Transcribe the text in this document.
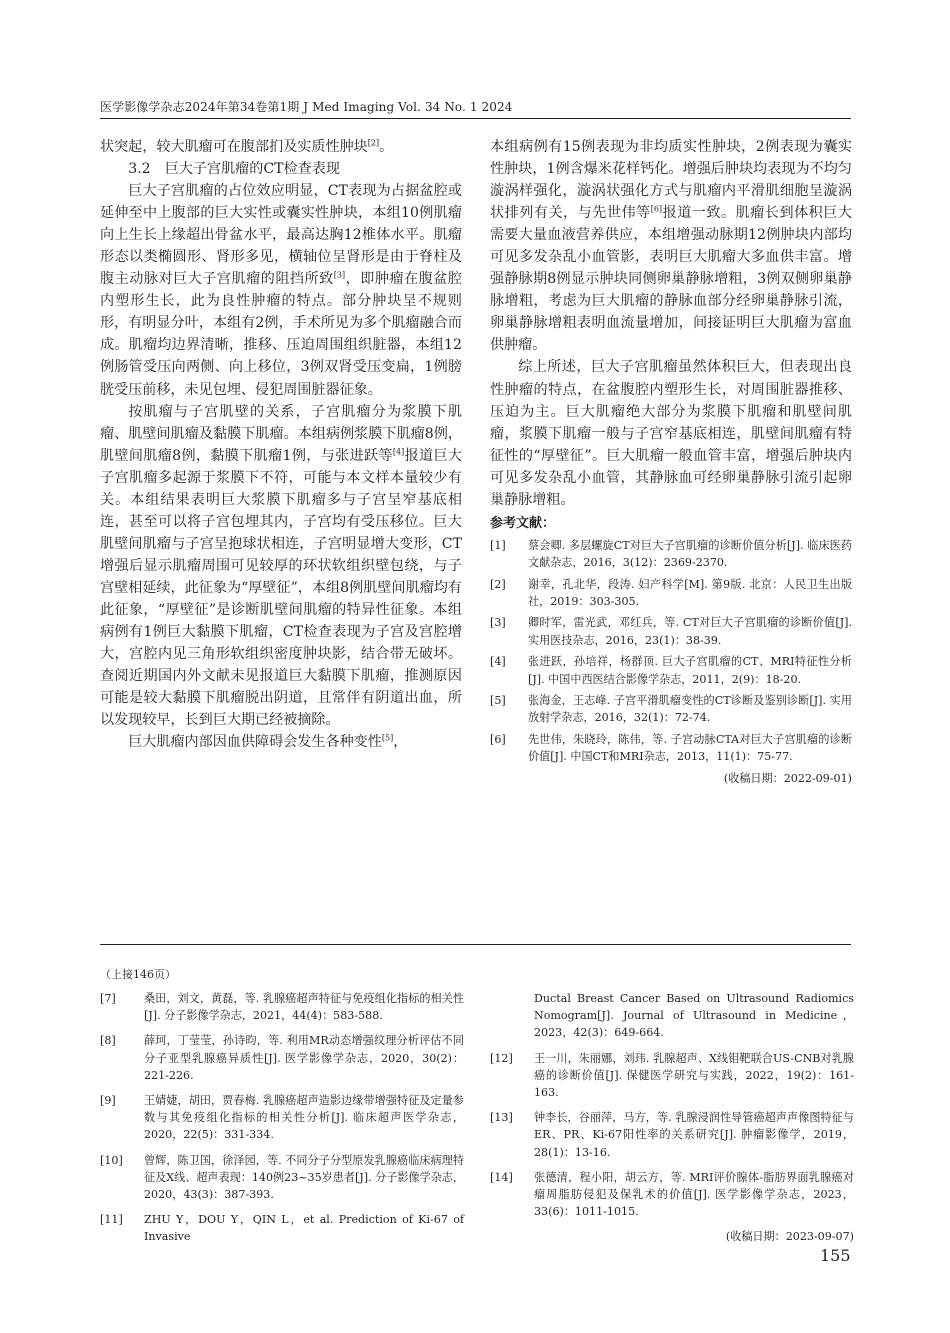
医学影像学杂志2024年第34卷第1期 J Med Imaging Vol. 34 No. 1 2024

状突起，较大肌瘤可在腹部扪及实质性肿块[2]。

3.2　巨大子宫肌瘤的CT检查表现

巨大子宫肌瘤的占位效应明显，CT表现为占据盆腔或延伸至中上腹部的巨大实性或囊实性肿块，本组10例肌瘤向上生长上缘超出骨盆水平，最高达胸12椎体水平。肌瘤形态以类椭圆形、肾形多见，横轴位呈肾形是由于脊柱及腹主动脉对巨大子宫肌瘤的阻挡所致[3]，即肿瘤在腹盆腔内塑形生长，此为良性肿瘤的特点。部分肿块呈不规则形，有明显分叶，本组有2例，手术所见为多个肌瘤融合而成。肌瘤均边界清晰，推移、压迫周围组织脏器，本组12例肠管受压向两侧、向上移位，3例双肾受压变扁，1例膀胱受压前移，未见包埋、侵犯周围脏器征象。

按肌瘤与子宫肌壁的关系，子宫肌瘤分为浆膜下肌瘤、肌壁间肌瘤及黏膜下肌瘤。本组病例浆膜下肌瘤8例，肌壁间肌瘤8例，黏膜下肌瘤1例，与张进跃等[4]报道巨大子宫肌瘤多起源于浆膜下不符，可能与本文样本量较少有关。本组结果表明巨大浆膜下肌瘤多与子宫呈窄基底相连，甚至可以将子宫包埋其内，子宫均有受压移位。巨大肌壁间肌瘤与子宫呈抱球状相连，子宫明显增大变形，CT增强后显示肌瘤周围可见较厚的环状软组织壁包绕，与子宫壁相延续，此征象为“厚壁征”，本组8例肌壁间肌瘤均有此征象，“厚壁征”是诊断肌壁间肌瘤的特异性征象。本组病例有1例巨大黏膜下肌瘤，CT检查表现为子宫及宫腔增大，宫腔内见三角形软组织密度肿块影，结合带无破坏。查阅近期国内外文献未见报道巨大黏膜下肌瘤，推测原因可能是较大黏膜下肌瘤脱出阴道，且常伴有阴道出血，所以发现较早，长到巨大期已经被摘除。

巨大肌瘤内部因血供障碍会发生各种变性[5]，

本组病例有15例表现为非均质实性肿块，2例表现为囊实性肿块，1例含爆米花样钙化。增强后肿块均表现为不均匀漩涡样强化，漩涡状强化方式与肌瘤内平滑肌细胞呈漩涡状排列有关，与先世伟等[6]报道一致。肌瘤长到体积巨大需要大量血液营养供应，本组增强动脉期12例肿块内部均可见多发杂乱小血管影，表明巨大肌瘤大多血供丰富。增强静脉期8例显示肿块同侧卵巢静脉增粗，3例双侧卵巢静脉增粗，考虑为巨大肌瘤的静脉血部分经卵巢静脉引流，卵巢静脉增粗表明血流量增加，间接证明巨大肌瘤为富血供肿瘤。

综上所述，巨大子宫肌瘤虽然体积巨大，但表现出良性肿瘤的特点，在盆腹腔内塑形生长，对周围脏器推移、压迫为主。巨大肌瘤绝大部分为浆膜下肌瘤和肌壁间肌瘤，浆膜下肌瘤一般与子宫窄基底相连，肌壁间肌瘤有特征性的“厚壁征”。巨大肌瘤一般血管丰富，增强后肿块内可见多发杂乱小血管，其静脉血可经卵巢静脉引流引起卵巢静脉增粗。

参考文献：
[1] 蔡会卿. 多层螺旋CT对巨大子宫肌瘤的诊断价值分析[J]. 临床医药文献杂志，2016，3(12)：2369-2370.
[2] 谢幸，孔北华，段涛. 妇产科学[M]. 第9版. 北京：人民卫生出版社，2019：303-305.
[3] 卿时军，雷光武，邓红兵，等. CT对巨大子宫肌瘤的诊断价值[J]. 实用医技杂志，2016，23(1)：38-39.
[4] 张进跃，孙培祥，杨群顶. 巨大子宫肌瘤的CT、MRI特征性分析[J]. 中国中西医结合影像学杂志，2011，2(9)：18-20.
[5] 张海金，王志峰. 子宫平滑肌瘤变性的CT诊断及鉴别诊断[J]. 实用放射学杂志，2016，32(1)：72-74.
[6] 先世伟，朱晓玲，陈伟，等. 子宫动脉CTA对巨大子宫肌瘤的诊断价值[J]. 中国CT和MRI杂志，2013，11(1)：75-77.
(收稿日期：2022-09-01)
（上接146页）
[7]	桑田，刘文，黄磊，等. 乳腺癌超声特征与免疫组化指标的相关性[J]. 分子影像学杂志，2021，44(4)：583-588.
[8]	薛珂，丁莹莹，孙诗昀，等. 利用MR动态增强纹理分析评估不同分子亚型乳腺癌异质性[J]. 医学影像学杂志，2020，30(2)：221-226.
[9]	王婧婕，胡田，贾春梅. 乳腺癌超声造影边缘带增强特征及定量参数与其免疫组化指标的相关性分析[J]. 临床超声医学杂志，2020，22(5)：331-334.
[10] 曾辉，陈卫国，徐泽园，等. 不同分子分型原发乳腺癌临床病理特征及X线、超声表现：140例23~35岁患者[J]. 分子影像学杂志，2020，43(3)：387-393.
[11] ZHU Y，DOU Y，QIN L，et al. Prediction of Ki-67 of Invasive
Ductal Breast Cancer Based on Ultrasound Radiomics Nomogram[J]. Journal of Ultrasound in Medicine，2023，42(3)：649-664.
[12] 王一川，朱丽娜，刘玮. 乳腺超声、X线钼靶联合US-CNB对乳腺癌的诊断价值[J]. 保健医学研究与实践，2022，19(2)：161-163.
[13] 钟李长，谷丽萍，马方，等. 乳腺浸润性导管癌超声声像图特征与ER、PR、Ki-67阳性率的关系研究[J]. 肿瘤影像学，2019，28(1)：13-16.
[14] 张德清，程小阳，胡云方，等. MRI评价腺体-脂肪界面乳腺癌对瘤周脂肪侵犯及保乳术的价值[J]. 医学影像学杂志，2023，33(6)：1011-1015.
(收稿日期：2023-09-07)
155
